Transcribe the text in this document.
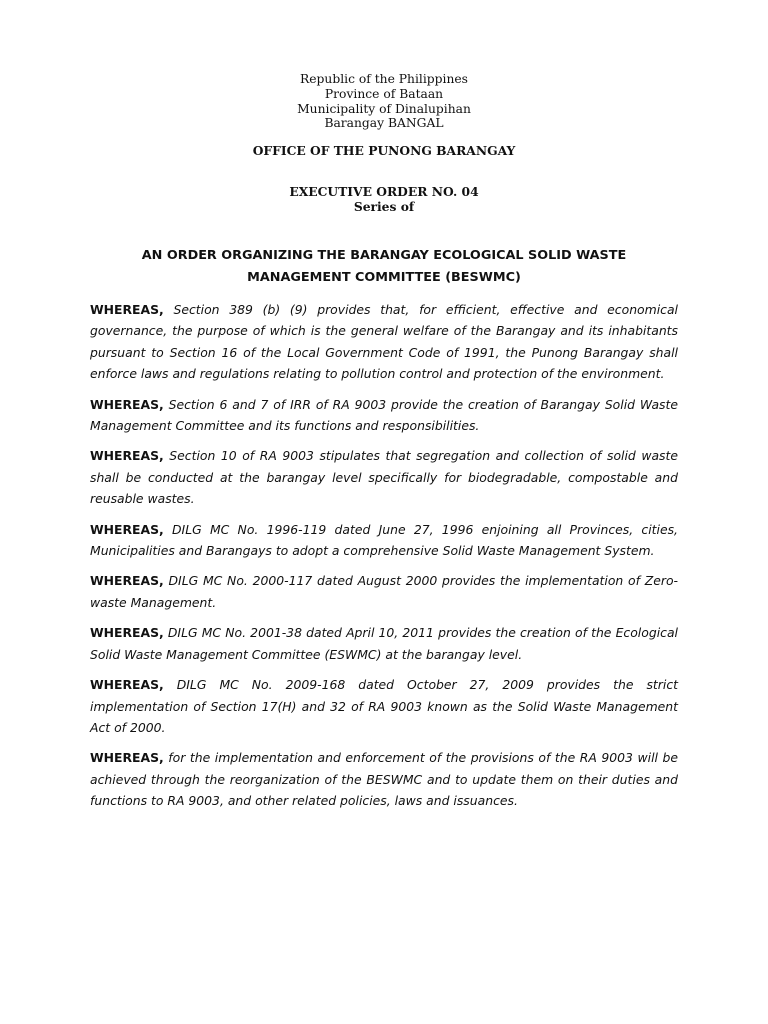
Republic of the Philippines
Province of Bataan
Municipality of Dinalupihan
Barangay BANGAL
OFFICE OF THE PUNONG BARANGAY
EXECUTIVE ORDER NO. 04
Series of
AN ORDER ORGANIZING THE BARANGAY ECOLOGICAL SOLID WASTE MANAGEMENT COMMITTEE (BESWMC)

WHEREAS, Section 389 (b) (9) provides that, for efficient, effective and economical governance, the purpose of which is the general welfare of the Barangay and its inhabitants pursuant to Section 16 of the Local Government Code of 1991, the Punong Barangay shall enforce laws and regulations relating to pollution control and protection of the environment.

WHEREAS, Section 6 and 7 of IRR of RA 9003 provide the creation of Barangay Solid Waste Management Committee and its functions and responsibilities.

WHEREAS, Section 10 of RA 9003 stipulates that segregation and collection of solid waste shall be conducted at the barangay level specifically for biodegradable, compostable and reusable wastes.

WHEREAS, DILG MC No. 1996-119 dated June 27, 1996 enjoining all Provinces, cities, Municipalities and Barangays to adopt a comprehensive Solid Waste Management System.

WHEREAS, DILG MC No. 2000-117 dated August 2000 provides the implementation of Zero-waste Management.

WHEREAS, DILG MC No. 2001-38 dated April 10, 2011 provides the creation of the Ecological Solid Waste Management Committee (ESWMC) at the barangay level.

WHEREAS, DILG MC No. 2009-168 dated October 27, 2009 provides the strict implementation of Section 17(H) and 32 of RA 9003 known as the Solid Waste Management Act of 2000.

WHEREAS, for the implementation and enforcement of the provisions of the RA 9003 will be achieved through the reorganization of the BESWMC and to update them on their duties and functions to RA 9003, and other related policies, laws and issuances.
